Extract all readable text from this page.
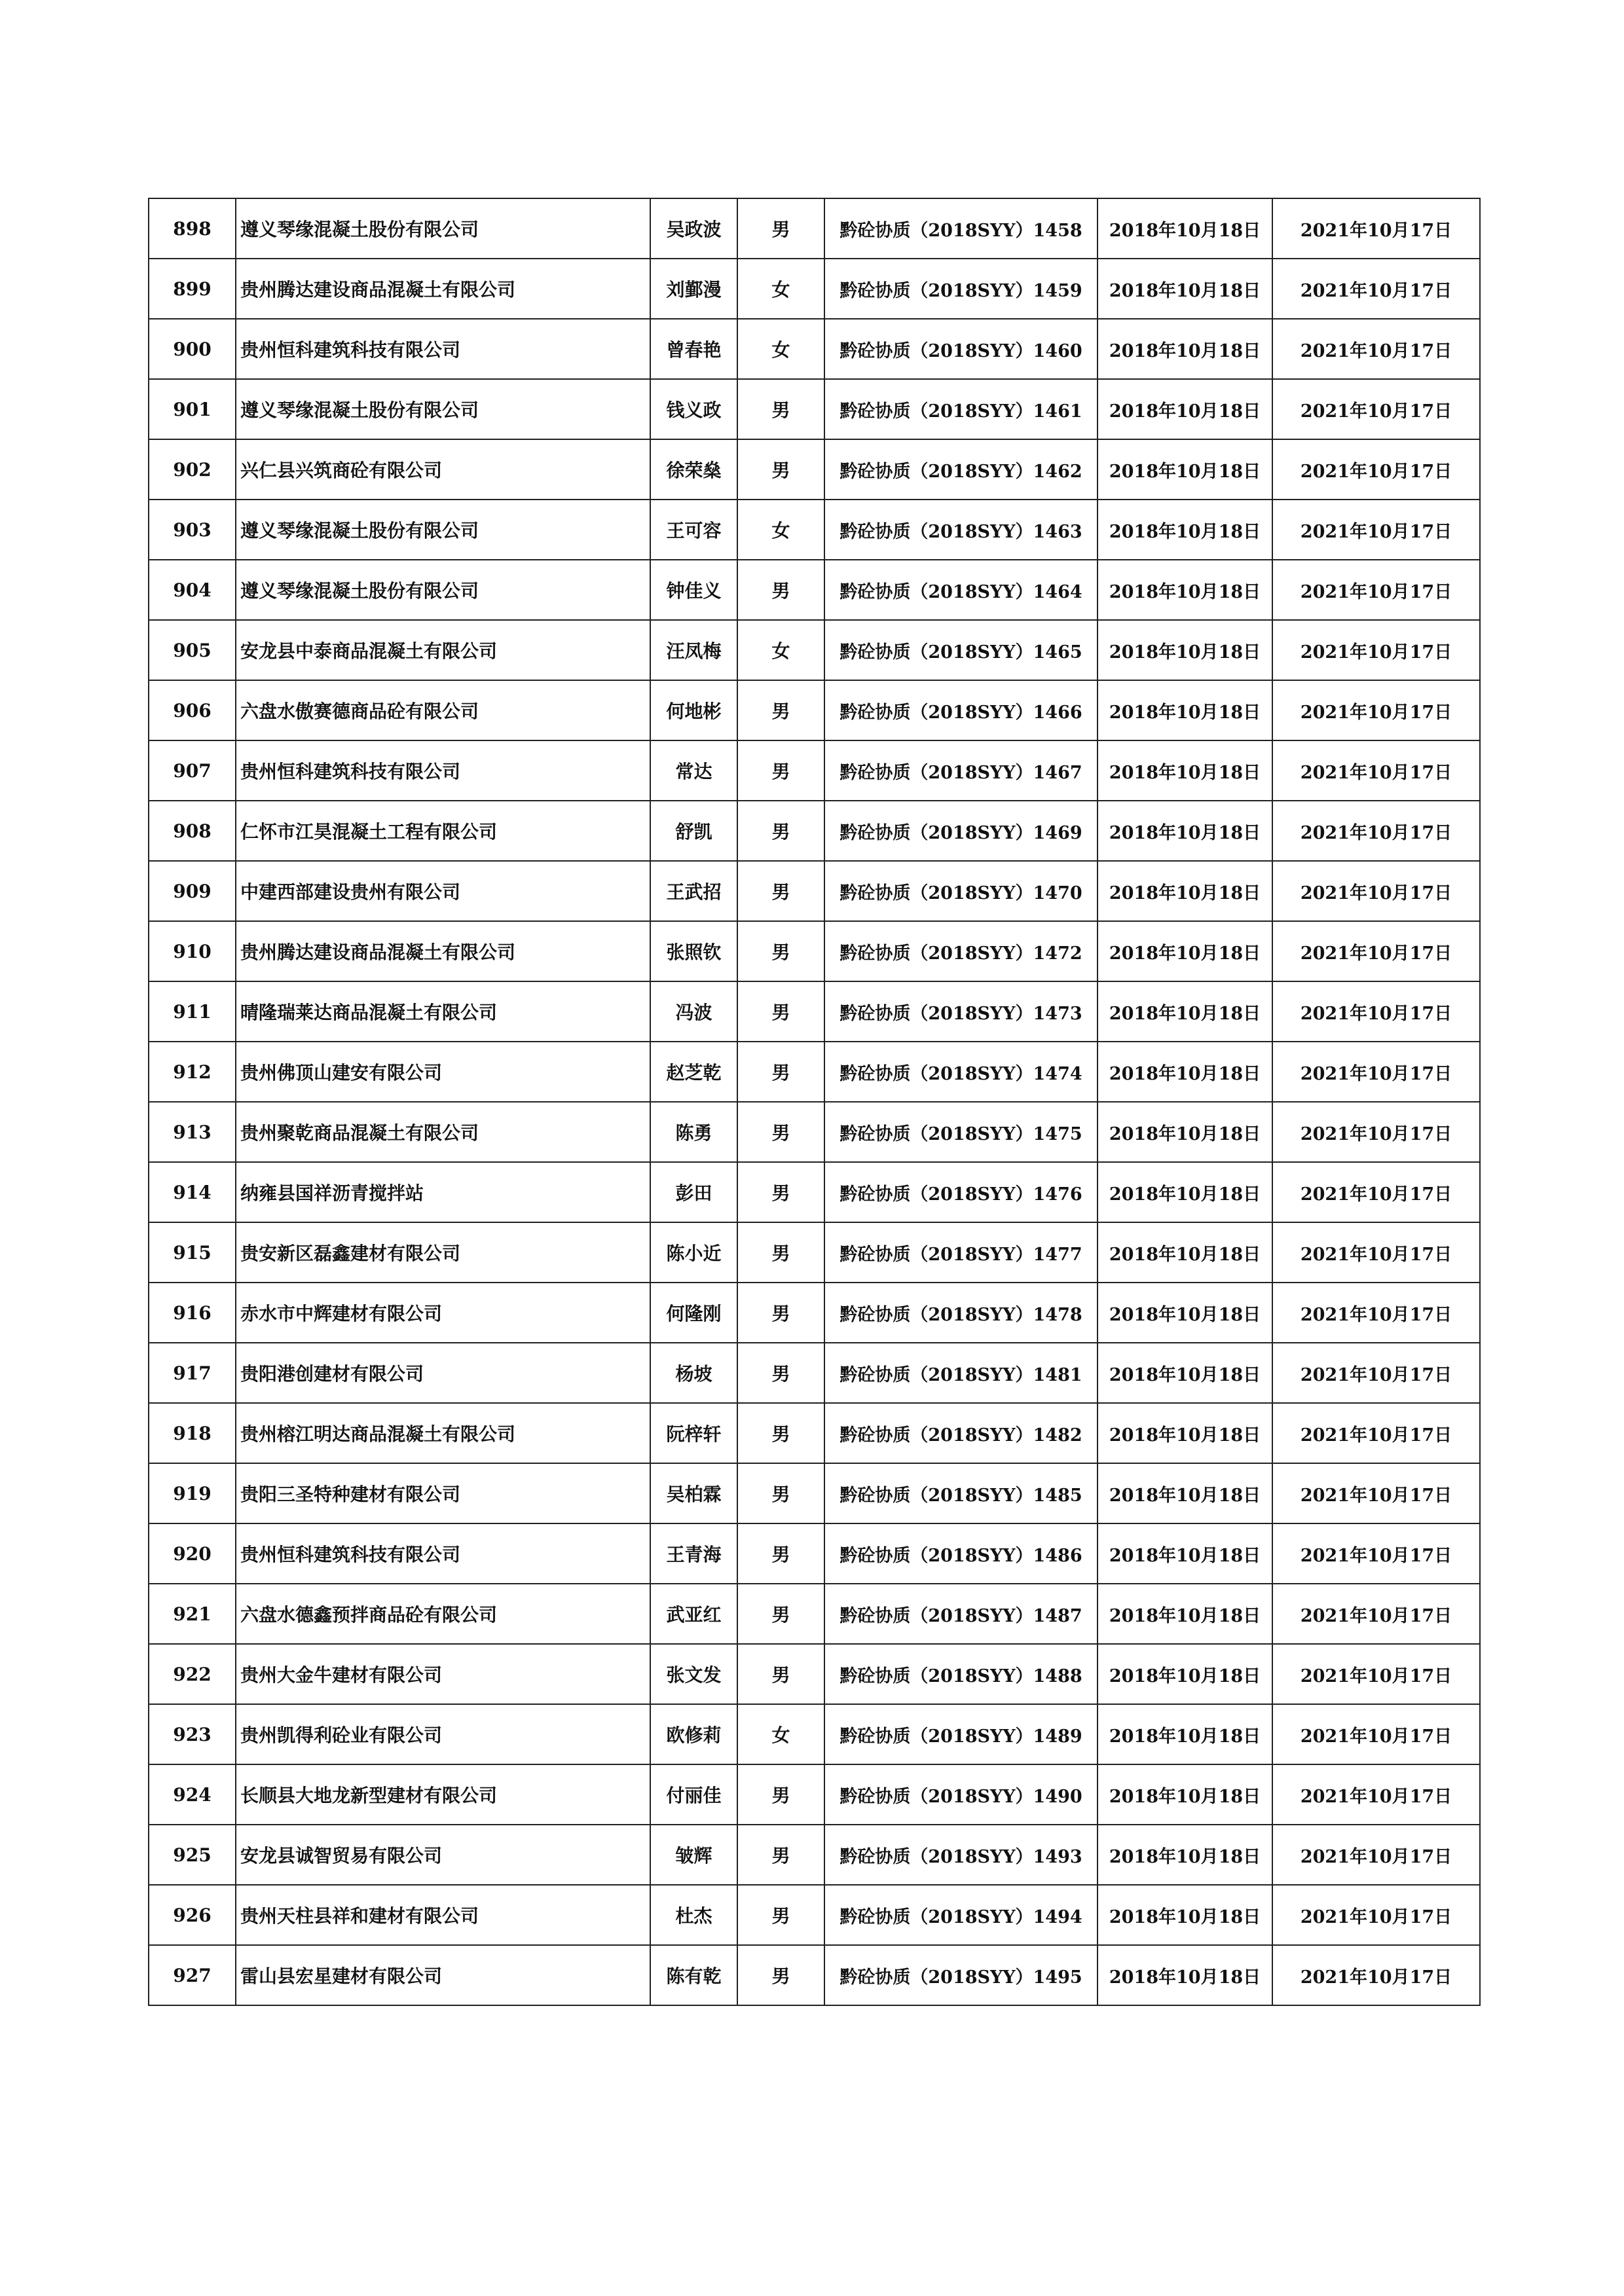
898	遵义琴缘混凝土股份有限公司	吴政波	男	黔砼协质（2018SYY）1458	2018年10月18日	2021年10月17日
899	贵州腾达建设商品混凝土有限公司	刘鄞漫	女	黔砼协质（2018SYY）1459	2018年10月18日	2021年10月17日
900	贵州恒科建筑科技有限公司	曾春艳	女	黔砼协质（2018SYY）1460	2018年10月18日	2021年10月17日
901	遵义琴缘混凝土股份有限公司	钱义政	男	黔砼协质（2018SYY）1461	2018年10月18日	2021年10月17日
902	兴仁县兴筑商砼有限公司	徐荣燊	男	黔砼协质（2018SYY）1462	2018年10月18日	2021年10月17日
903	遵义琴缘混凝土股份有限公司	王可容	女	黔砼协质（2018SYY）1463	2018年10月18日	2021年10月17日
904	遵义琴缘混凝土股份有限公司	钟佳义	男	黔砼协质（2018SYY）1464	2018年10月18日	2021年10月17日
905	安龙县中泰商品混凝土有限公司	汪凤梅	女	黔砼协质（2018SYY）1465	2018年10月18日	2021年10月17日
906	六盘水傲赛德商品砼有限公司	何地彬	男	黔砼协质（2018SYY）1466	2018年10月18日	2021年10月17日
907	贵州恒科建筑科技有限公司	常达	男	黔砼协质（2018SYY）1467	2018年10月18日	2021年10月17日
908	仁怀市江昊混凝土工程有限公司	舒凯	男	黔砼协质（2018SYY）1469	2018年10月18日	2021年10月17日
909	中建西部建设贵州有限公司	王武招	男	黔砼协质（2018SYY）1470	2018年10月18日	2021年10月17日
910	贵州腾达建设商品混凝土有限公司	张照钦	男	黔砼协质（2018SYY）1472	2018年10月18日	2021年10月17日
911	晴隆瑞莱达商品混凝土有限公司	冯波	男	黔砼协质（2018SYY）1473	2018年10月18日	2021年10月17日
912	贵州佛顶山建安有限公司	赵芝乾	男	黔砼协质（2018SYY）1474	2018年10月18日	2021年10月17日
913	贵州聚乾商品混凝土有限公司	陈勇	男	黔砼协质（2018SYY）1475	2018年10月18日	2021年10月17日
914	纳雍县国祥沥青搅拌站	彭田	男	黔砼协质（2018SYY）1476	2018年10月18日	2021年10月17日
915	贵安新区磊鑫建材有限公司	陈小近	男	黔砼协质（2018SYY）1477	2018年10月18日	2021年10月17日
916	赤水市中辉建材有限公司	何隆刚	男	黔砼协质（2018SYY）1478	2018年10月18日	2021年10月17日
917	贵阳港创建材有限公司	杨坡	男	黔砼协质（2018SYY）1481	2018年10月18日	2021年10月17日
918	贵州榕江明达商品混凝土有限公司	阮梓轩	男	黔砼协质（2018SYY）1482	2018年10月18日	2021年10月17日
919	贵阳三圣特种建材有限公司	吴柏霖	男	黔砼协质（2018SYY）1485	2018年10月18日	2021年10月17日
920	贵州恒科建筑科技有限公司	王青海	男	黔砼协质（2018SYY）1486	2018年10月18日	2021年10月17日
921	六盘水德鑫预拌商品砼有限公司	武亚红	男	黔砼协质（2018SYY）1487	2018年10月18日	2021年10月17日
922	贵州大金牛建材有限公司	张文发	男	黔砼协质（2018SYY）1488	2018年10月18日	2021年10月17日
923	贵州凯得利砼业有限公司	欧修莉	女	黔砼协质（2018SYY）1489	2018年10月18日	2021年10月17日
924	长顺县大地龙新型建材有限公司	付丽佳	男	黔砼协质（2018SYY）1490	2018年10月18日	2021年10月17日
925	安龙县诚智贸易有限公司	皱辉	男	黔砼协质（2018SYY）1493	2018年10月18日	2021年10月17日
926	贵州天柱县祥和建材有限公司	杜杰	男	黔砼协质（2018SYY）1494	2018年10月18日	2021年10月17日
927	雷山县宏星建材有限公司	陈有乾	男	黔砼协质（2018SYY）1495	2018年10月18日	2021年10月17日
